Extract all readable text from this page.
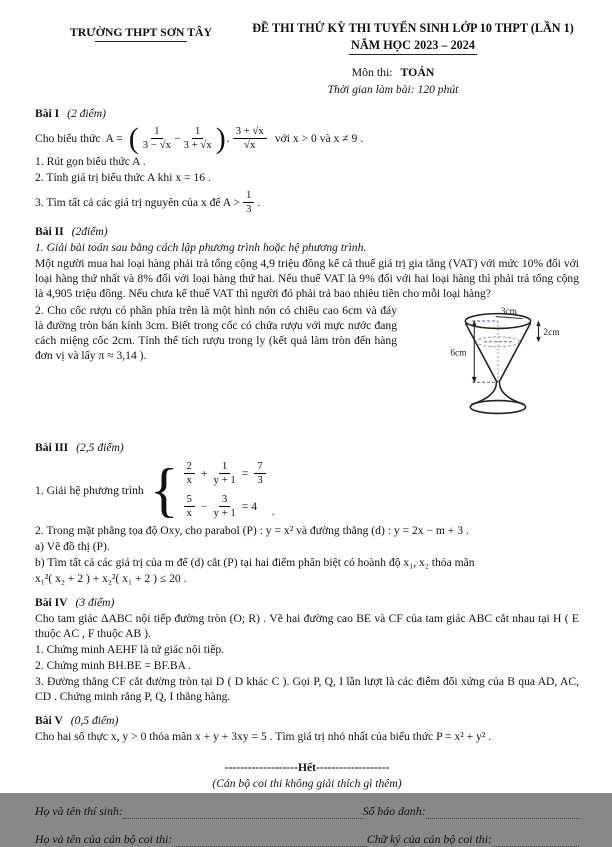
TRƯỜNG THPT SƠN TÂY	ĐỀ THI THỬ KỲ THI TUYỂN SINH LỚP 10 THPT (LẦN 1)
NĂM HỌC 2023 – 2024
Môn thi: TOÁN
Thời gian làm bài: 120 phút
Bài I (2 điểm)
Cho biểu thức A = ( $\frac{1}{3 - √x} - \frac{1}{3 + √x}$ ) . $\frac{3 + √x}{√x}$ với x > 0 và x ≠ 9 .
1. Rút gọn biểu thức A .
2. Tính giá trị biểu thức A khi x = 16 .
3. Tìm tất cả các giá trị nguyên của x để $A > \frac{1}{3}$ .
Bài II (2điểm)
1. Giải bài toán sau bằng cách lập phương trình hoặc hệ phương trình.
Một người mua hai loại hàng phải trả tổng cộng 4,9 triệu đồng kể cả thuế giá trị gia tăng (VAT) với mức 10% đối với loại hàng thứ nhất và 8% đối với loại hàng thứ hai. Nếu thuế VAT là 9% đối với hai loại hàng thì phải trả tổng cộng là 4,905 triệu đồng. Nếu chưa kể thuế VAT thì người đó phải trả bao nhiêu tiền cho mỗi loại hàng?
2. Cho cốc rượu có phần phía trên là một hình nón có chiều cao 6cm và đáy là đường tròn bán kính 3cm. Biết trong cốc có chứa rượu với mực nước đang cách miệng cốc 2cm. Tính thể tích rượu trong ly (kết quả làm tròn đến hàng đơn vị và lấy π ≈ 3,14 ).	6cm
2cm
3cm
Bài III (2,5 điểm)
1. Giải hệ phương trình { $\frac{2}{x} + \frac{1}{y + 1} = \frac{7}{3}$
$\frac{5}{x} - \frac{3}{y + 1} = 4$ .
2. Trong mặt phẳng tọa độ Oxy, cho parabol (P) : y = x² và đường thẳng (d) : y = 2x − m + 3 .
a) Vẽ đồ thị (P).
b) Tìm tất cả các giá trị của m để (d) cắt (P) tại hai điểm phân biệt có hoành độ x₁, x₂ thỏa mãn
x₁²( x₂ + 2 ) + x₂²( x₁ + 2 ) ≤ 20 .
Bài IV (3 điểm)
Cho tam giác ΔABC nội tiếp đường tròn (O; R) . Vẽ hai đường cao BE và CF của tam giác ABC cắt nhau tại H ( E thuộc AC , F thuộc AB ).
1. Chứng minh AEHF là tứ giác nội tiếp.
2. Chứng minh BH.BE = BF.BA .
3. Đường thẳng CF cắt đường tròn tại D ( D khác C ). Gọi P, Q, I lần lượt là các điểm đối xứng của B qua AD, AC, CD . Chứng minh rằng P, Q, I thẳng hàng.
Bài V (0,5 điểm)
Cho hai số thực x, y > 0 thỏa mãn x + y + 3xy = 5 . Tìm giá trị nhỏ nhất của biểu thức P = x² + y² .
-------------------Hết-------------------
(Cán bộ coi thi không giải thích gì thêm)
Họ và tên thí sinh:	Số báo danh:
Họ và tên của cán bộ coi thi:	Chữ ký của cán bộ coi thi:
